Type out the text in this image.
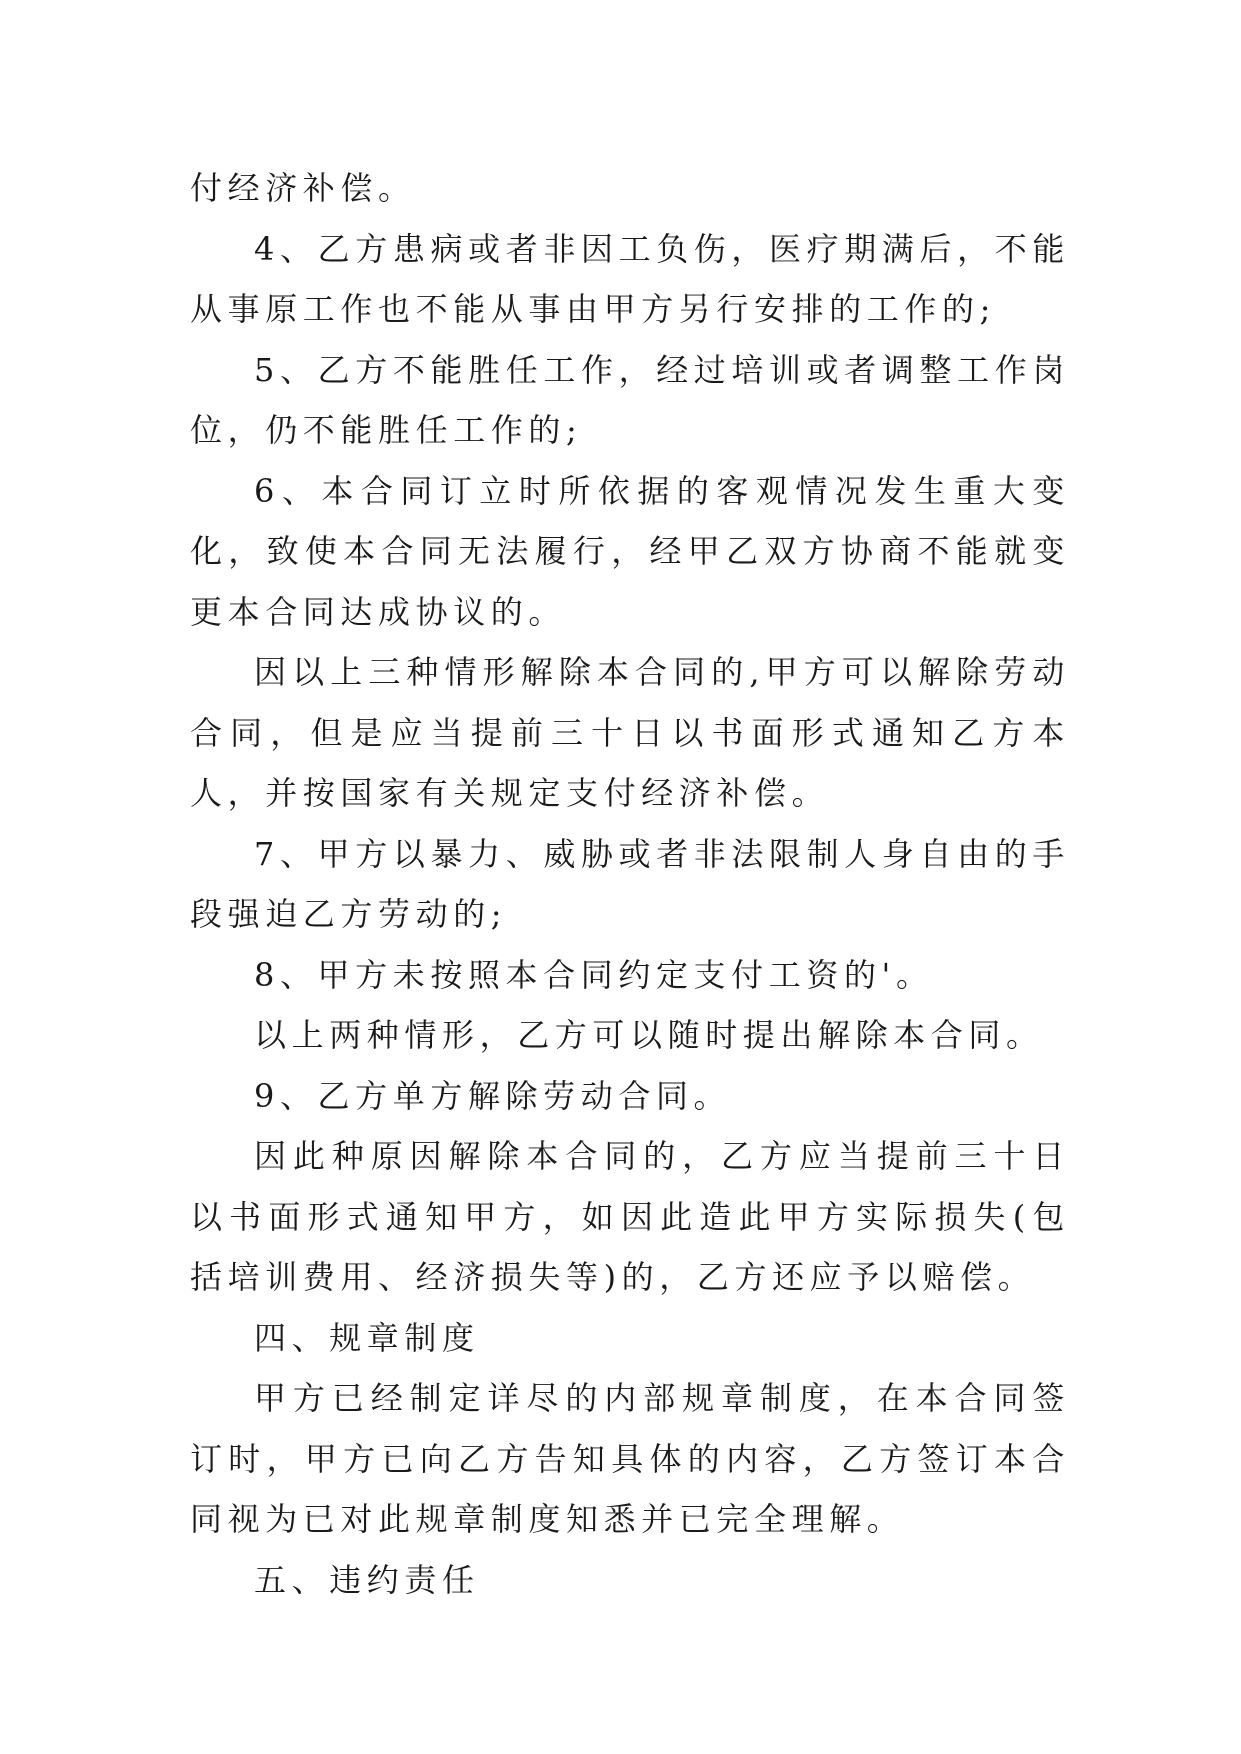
付经济补偿。

4、乙方患病或者非因工负伤，医疗期满后，不能从事原工作也不能从事由甲方另行安排的工作的;

5、乙方不能胜任工作，经过培训或者调整工作岗位，仍不能胜任工作的;

6、本合同订立时所依据的客观情况发生重大变化，致使本合同无法履行，经甲乙双方协商不能就变更本合同达成协议的。

因以上三种情形解除本合同的,甲方可以解除劳动合同，但是应当提前三十日以书面形式通知乙方本人，并按国家有关规定支付经济补偿。

7、甲方以暴力、威胁或者非法限制人身自由的手段强迫乙方劳动的;

8、甲方未按照本合同约定支付工资的'。

以上两种情形，乙方可以随时提出解除本合同。

9、乙方单方解除劳动合同。

因此种原因解除本合同的，乙方应当提前三十日以书面形式通知甲方，如因此造此甲方实际损失(包括培训费用、经济损失等)的，乙方还应予以赔偿。

四、规章制度

甲方已经制定详尽的内部规章制度，在本合同签订时，甲方已向乙方告知具体的内容，乙方签订本合同视为已对此规章制度知悉并已完全理解。

五、违约责任
